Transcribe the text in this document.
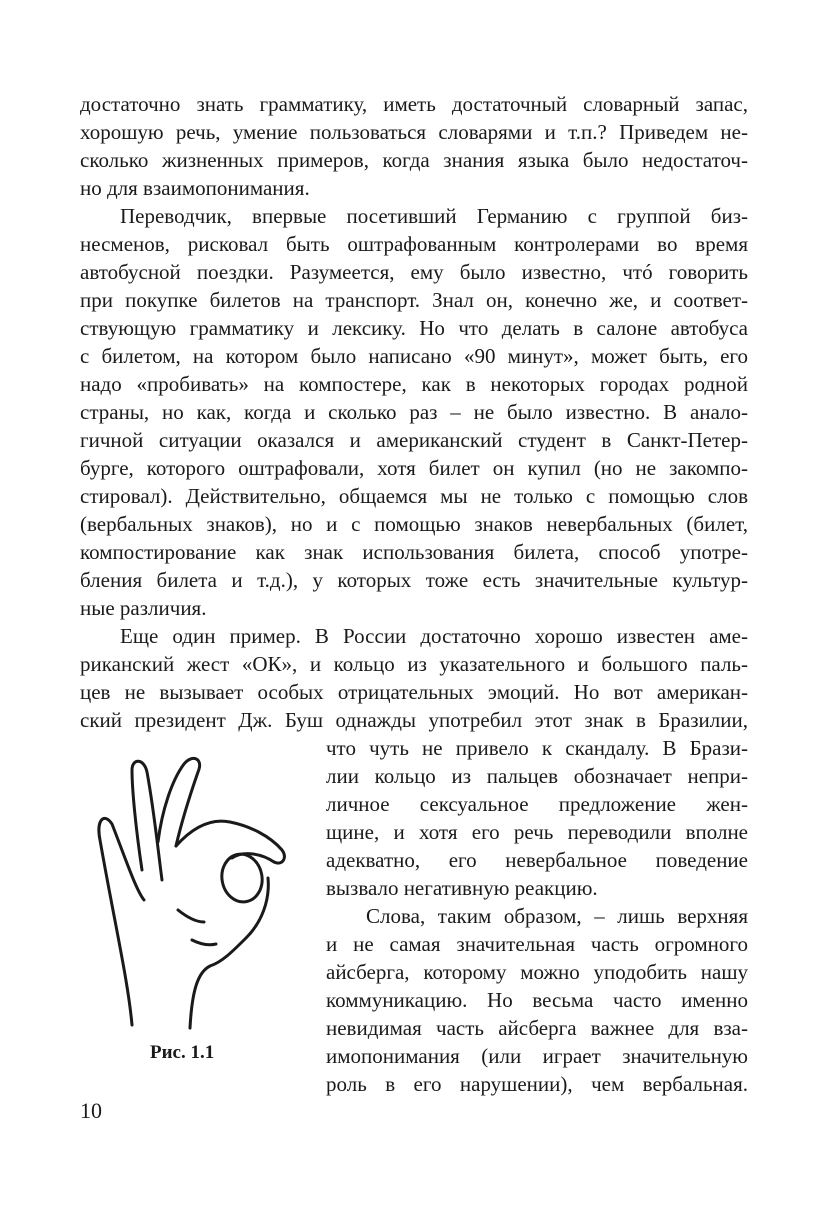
достаточно знать грамматику, иметь достаточный словарный запас,
хорошую речь, умение пользоваться словарями и т.п.? Приведем не-
сколько жизненных примеров, когда знания языка было недостаточ-
но для взаимопонимания.
Переводчик, впервые посетивший Германию с группой биз-
несменов, рисковал быть оштрафованным контролерами во время
автобусной поездки. Разумеется, ему было известно, чтó говорить
при покупке билетов на транспорт. Знал он, конечно же, и соответ-
ствующую грамматику и лексику. Но что делать в салоне автобуса
с билетом, на котором было написано «90 минут», может быть, его
надо «пробивать» на компостере, как в некоторых городах родной
страны, но как, когда и сколько раз – не было известно. В анало-
гичной ситуации оказался и американский студент в Санкт-Петер-
бурге, которого оштрафовали, хотя билет он купил (но не закомпо-
стировал). Действительно, общаемся мы не только с помощью слов
(вербальных знаков), но и с помощью знаков невербальных (билет,
компостирование как знак использования билета, способ употре-
бления билета и т.д.), у которых тоже есть значительные культур-
ные различия.
Еще один пример. В России достаточно хорошо известен аме-
риканский жест «ОК», и кольцо из указательного и большого паль-
цев не вызывает особых отрицательных эмоций. Но вот американ-
ский президент Дж. Буш однажды употребил этот знак в Бразилии,
что чуть не привело к скандалу. В Брази-
лии кольцо из пальцев обозначает непри-
личное сексуальное предложение жен-
щине, и хотя его речь переводили вполне
адекватно, его невербальное поведение
вызвало негативную реакцию.
Слова, таким образом, – лишь верхняя
и не самая значительная часть огромного
айсберга, которому можно уподобить нашу
коммуникацию. Но весьма часто именно
невидимая часть айсберга важнее для вза-
имопонимания (или играет значительную
роль в его нарушении), чем вербальная.
Рис. 1.1
10
